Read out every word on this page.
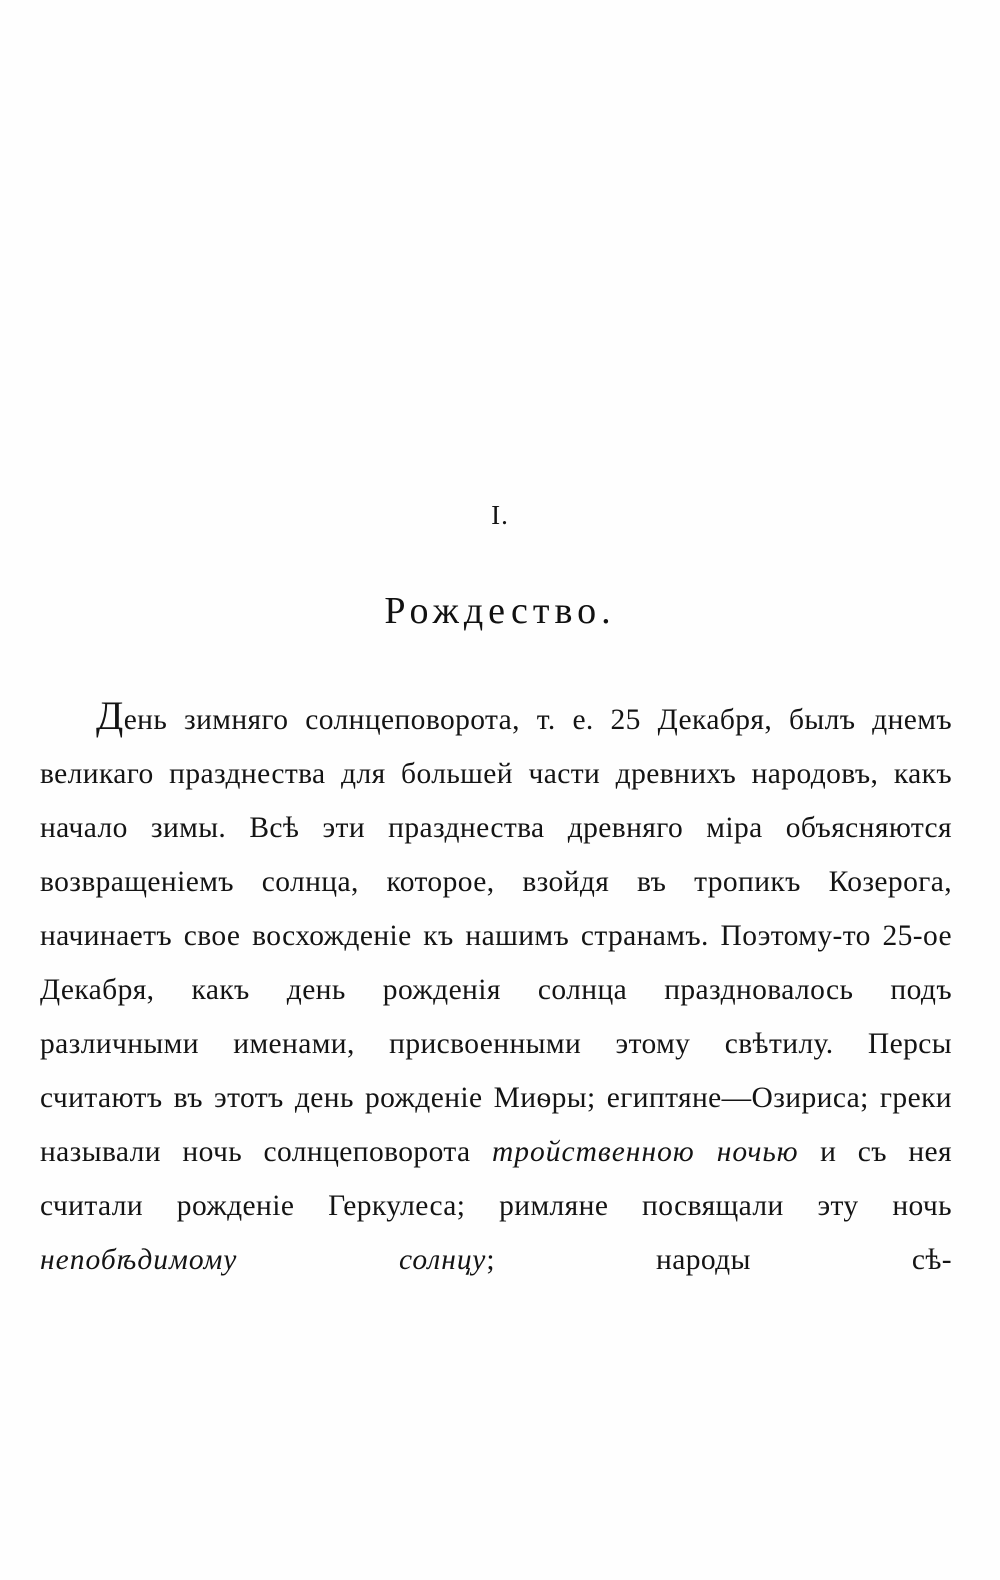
I.
Рождество.

День зимняго солнцеповорота, т. е. 25 Декабря, былъ днемъ великаго празднества для большей части древнихъ народовъ, какъ начало зимы. Всѣ эти празднества древняго міра объясняются возвращеніемъ солнца, которое, взойдя въ тропикъ Козерога, начинаетъ свое восхожденіе къ нашимъ странамъ. Поэтому-то 25-ое Декабря, какъ день рожденія солнца праздновалось подъ различными именами, присвоенными этому свѣтилу. Персы считаютъ въ этотъ день рожденіе Миѳры; египтяне—Озириса; греки называли ночь солнцеповорота тройственною ночью и съ нея считали рожденіе Геркулеса; римляне посвящали эту ночь непобѣдимому солнцу; народы сѣ-
